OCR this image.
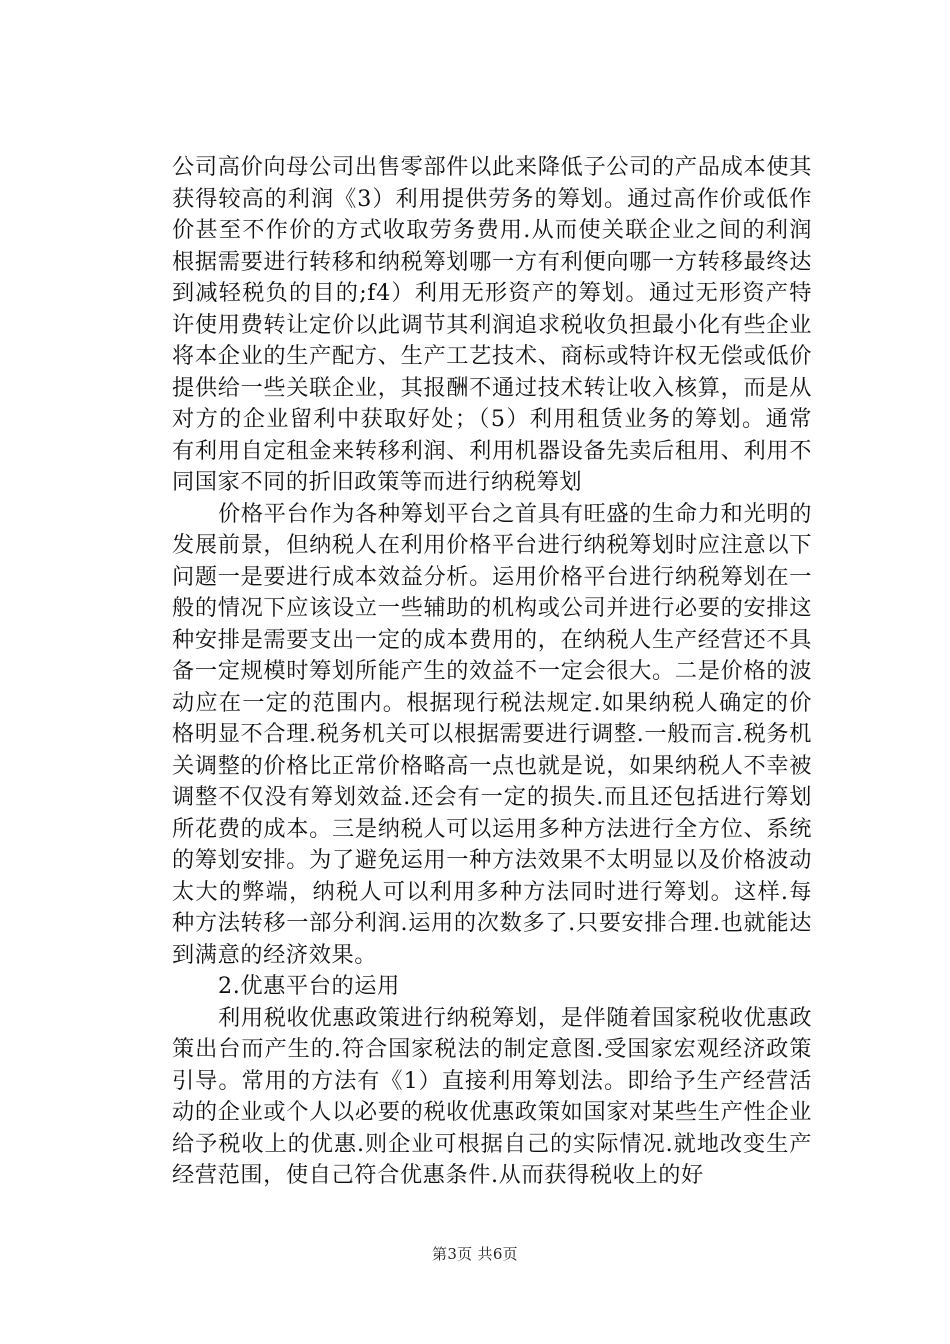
公司高价向母公司出售零部件以此来降低子公司的产品成本使其获得较高的利润《3）利用提供劳务的筹划。通过高作价或低作价甚至不作价的方式收取劳务费用.从而使关联企业之间的利润根据需要进行转移和纳税筹划哪一方有利便向哪一方转移最终达到减轻税负的目的;f4）利用无形资产的筹划。通过无形资产特许使用费转让定价以此调节其利润追求税收负担最小化有些企业将本企业的生产配方、生产工艺技术、商标或特许权无偿或低价提供给一些关联企业，其报酬不通过技术转让收入核算，而是从对方的企业留利中获取好处；（5）利用租赁业务的筹划。通常有利用自定租金来转移利润、利用机器设备先卖后租用、利用不同国家不同的折旧政策等而进行纳税筹划

价格平台作为各种筹划平台之首具有旺盛的生命力和光明的发展前景，但纳税人在利用价格平台进行纳税筹划时应注意以下问题一是要进行成本效益分析。运用价格平台进行纳税筹划在一般的情况下应该设立一些辅助的机构或公司并进行必要的安排这种安排是需要支出一定的成本费用的，在纳税人生产经营还不具备一定规模时筹划所能产生的效益不一定会很大。二是价格的波动应在一定的范围内。根据现行税法规定.如果纳税人确定的价格明显不合理.税务机关可以根据需要进行调整.一般而言.税务机关调整的价格比正常价格略高一点也就是说，如果纳税人不幸被调整不仅没有筹划效益.还会有一定的损失.而且还包括进行筹划所花费的成本。三是纳税人可以运用多种方法进行全方位、系统的筹划安排。为了避免运用一种方法效果不太明显以及价格波动太大的弊端，纳税人可以利用多种方法同时进行筹划。这样.每种方法转移一部分利润.运用的次数多了.只要安排合理.也就能达到满意的经济效果。

2.优惠平台的运用

利用税收优惠政策进行纳税筹划，是伴随着国家税收优惠政策出台而产生的.符合国家税法的制定意图.受国家宏观经济政策引导。常用的方法有《1）直接利用筹划法。即给予生产经营活动的企业或个人以必要的税收优惠政策如国家对某些生产性企业给予税收上的优惠.则企业可根据自己的实际情况.就地改变生产经营范围，使自己符合优惠条件.从而获得税收上的好

第3页 共6页
